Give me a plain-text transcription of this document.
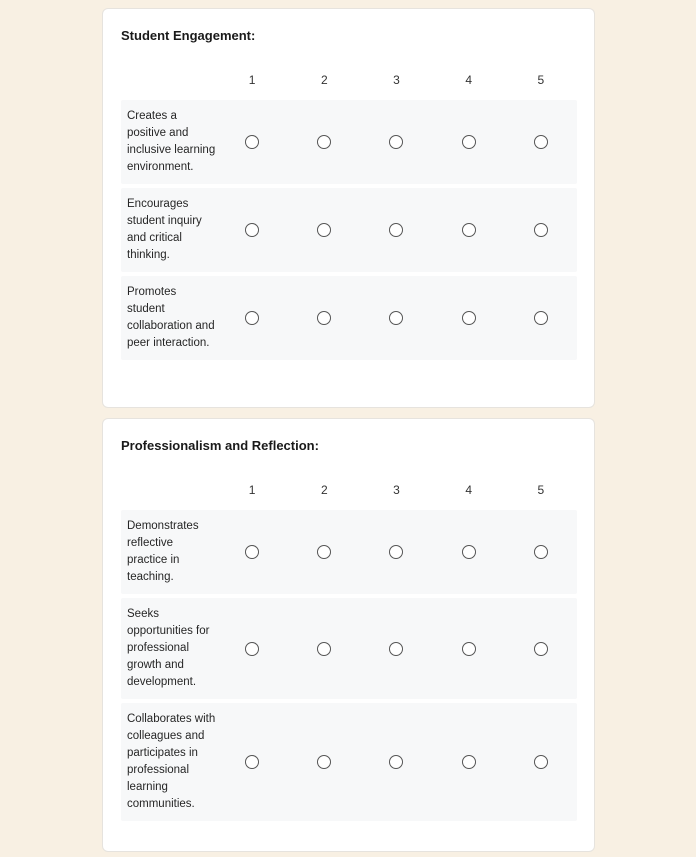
Student Engagement:
1	2	3	4	5
Creates a positive and inclusive learning environment.
Encourages student inquiry and critical thinking.
Promotes student collaboration and peer interaction.
Professionalism and Reflection:
1	2	3	4	5
Demonstrates reflective practice in teaching.
Seeks opportunities for professional growth and development.
Collaborates with colleagues and participates in professional learning communities.
